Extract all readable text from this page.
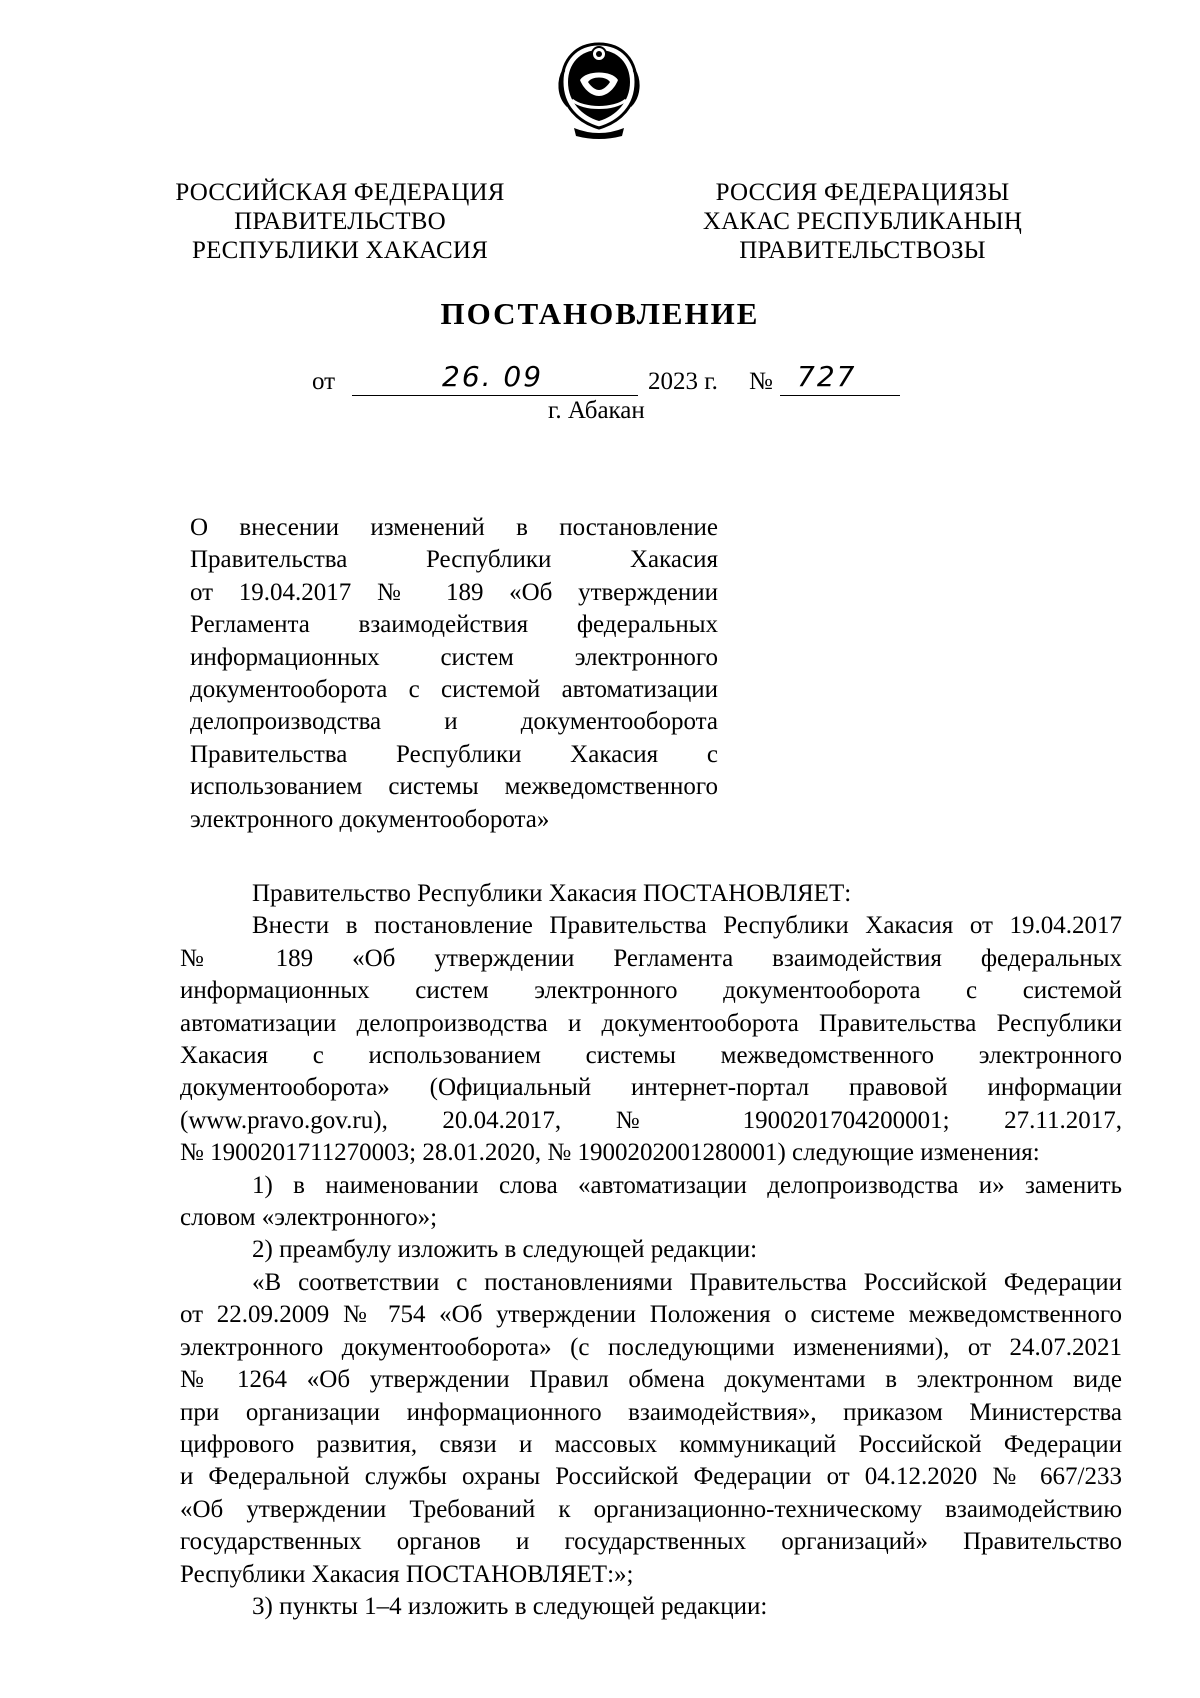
РОССИЙСКАЯ ФЕДЕРАЦИЯ
ПРАВИТЕЛЬСТВО
РЕСПУБЛИКИ ХАКАСИЯ
РОССИЯ ФЕДЕРАЦИЯЗЫ
ХАКАС РЕСПУБЛИКАНЫҢ
ПРАВИТЕЛЬСТВОЗЫ
ПОСТАНОВЛЕНИЕ
от	26. 09	2023 г. № 727
г. Абакан
О внесении изменений в постановление
Правительства Республики Хакасия
от 19.04.2017 № 189 «Об утверждении
Регламента взаимодействия федеральных
информационных систем электронного
документооборота с системой автоматизации
делопроизводства и документооборота
Правительства Республики Хакасия с
использованием системы межведомственного
электронного документооборота»
Правительство Республики Хакасия ПОСТАНОВЛЯЕТ:
Внести в постановление Правительства Республики Хакасия от 19.04.2017
№ 189 «Об утверждении Регламента взаимодействия федеральных
информационных систем электронного документооборота с системой
автоматизации делопроизводства и документооборота Правительства Республики
Хакасия с использованием системы межведомственного электронного
документооборота» (Официальный интернет-портал правовой информации
(www.pravo.gov.ru), 20.04.2017, № 1900201704200001; 27.11.2017,
№ 1900201711270003; 28.01.2020, № 1900202001280001) следующие изменения:
1) в наименовании слова «автоматизации делопроизводства и» заменить
словом «электронного»;
2) преамбулу изложить в следующей редакции:
«В соответствии с постановлениями Правительства Российской Федерации
от 22.09.2009 № 754 «Об утверждении Положения о системе межведомственного
электронного документооборота» (с последующими изменениями), от 24.07.2021
№ 1264 «Об утверждении Правил обмена документами в электронном виде
при организации информационного взаимодействия», приказом Министерства
цифрового развития, связи и массовых коммуникаций Российской Федерации
и Федеральной службы охраны Российской Федерации от 04.12.2020 № 667/233
«Об утверждении Требований к организационно-техническому взаимодействию
государственных органов и государственных организаций» Правительство
Республики Хакасия ПОСТАНОВЛЯЕТ:»;
3) пункты 1–4 изложить в следующей редакции:
